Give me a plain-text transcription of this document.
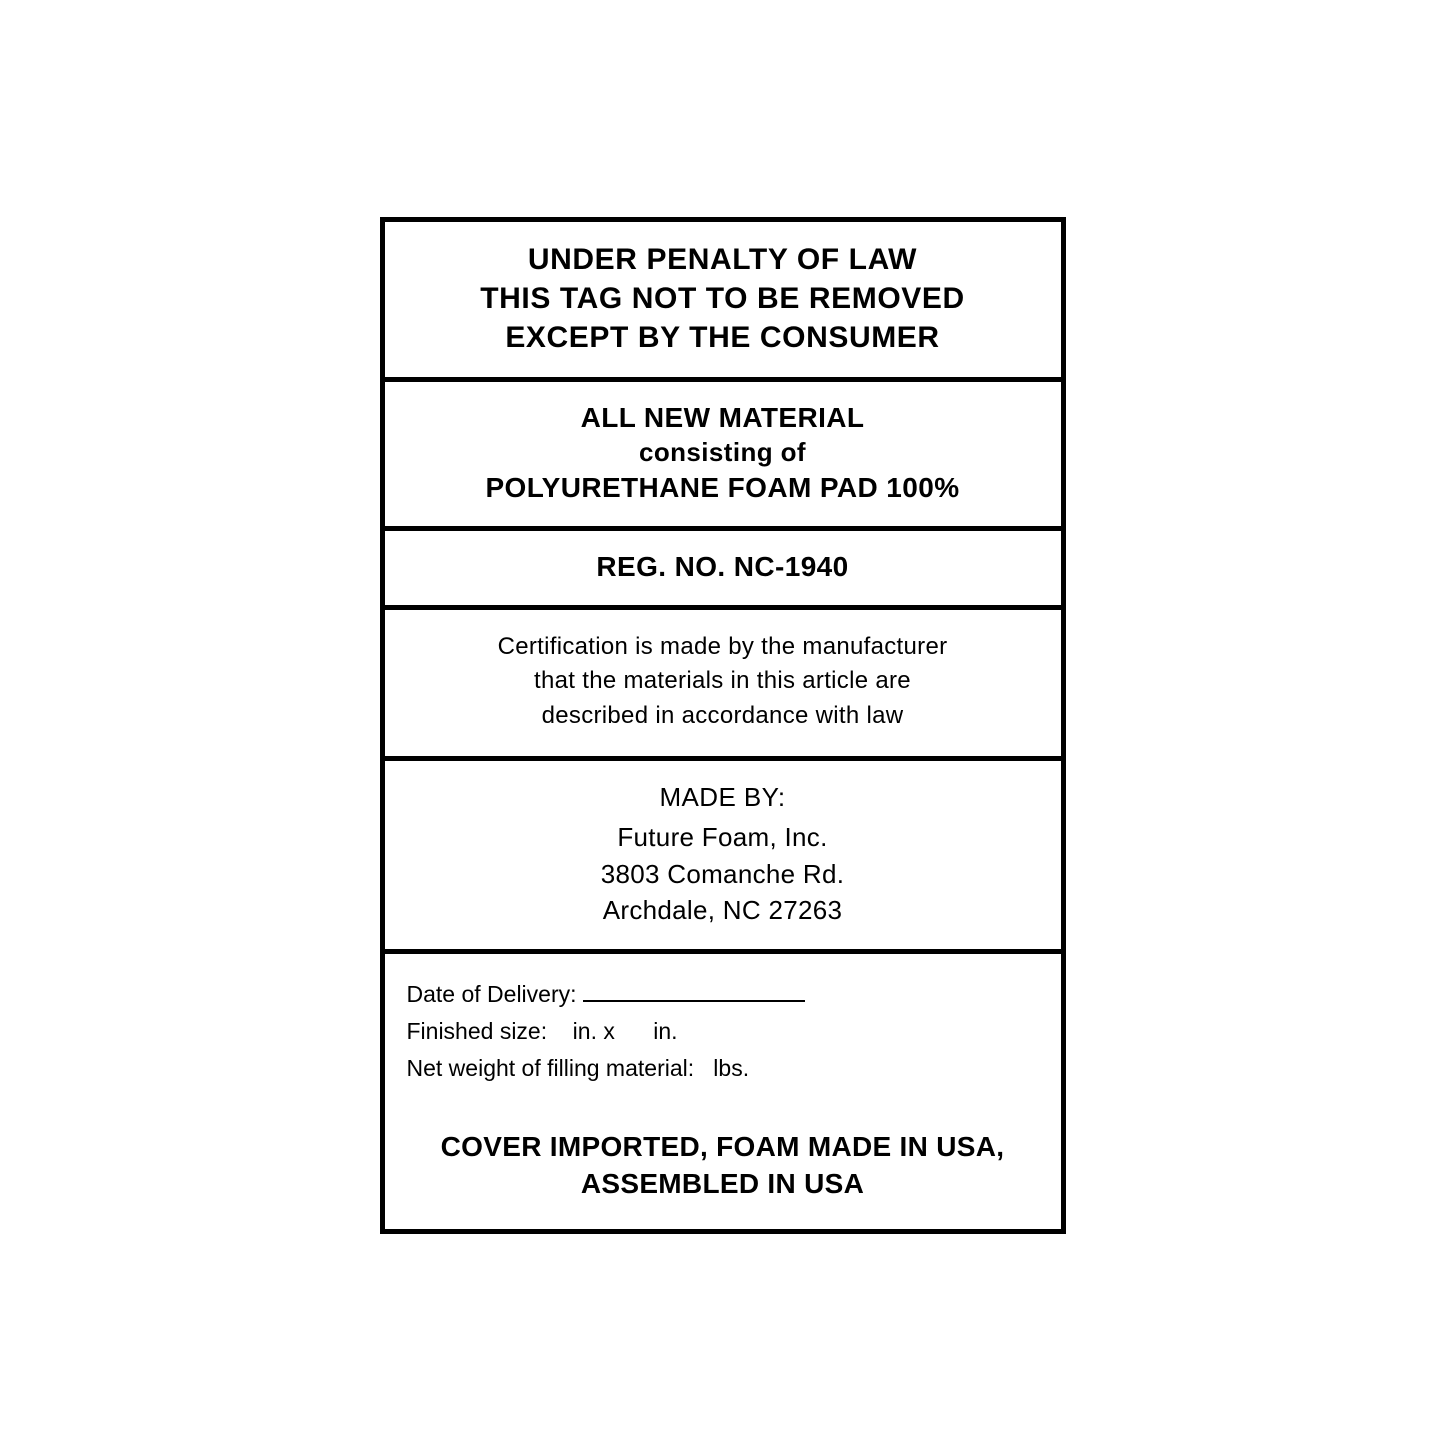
UNDER PENALTY OF LAW
THIS TAG NOT TO BE REMOVED
EXCEPT BY THE CONSUMER
ALL NEW MATERIAL
consisting of
POLYURETHANE FOAM PAD 100%
REG. NO. NC-1940
Certification is made by the manufacturer
that the materials in this article are
described in accordance with law
MADE BY:
Future Foam, Inc.
3803 Comanche Rd.
Archdale, NC 27263
Date of Delivery:
Finished size:    in. x      in.
Net weight of filling material:   lbs.
COVER IMPORTED, FOAM MADE IN USA,
ASSEMBLED IN USA
